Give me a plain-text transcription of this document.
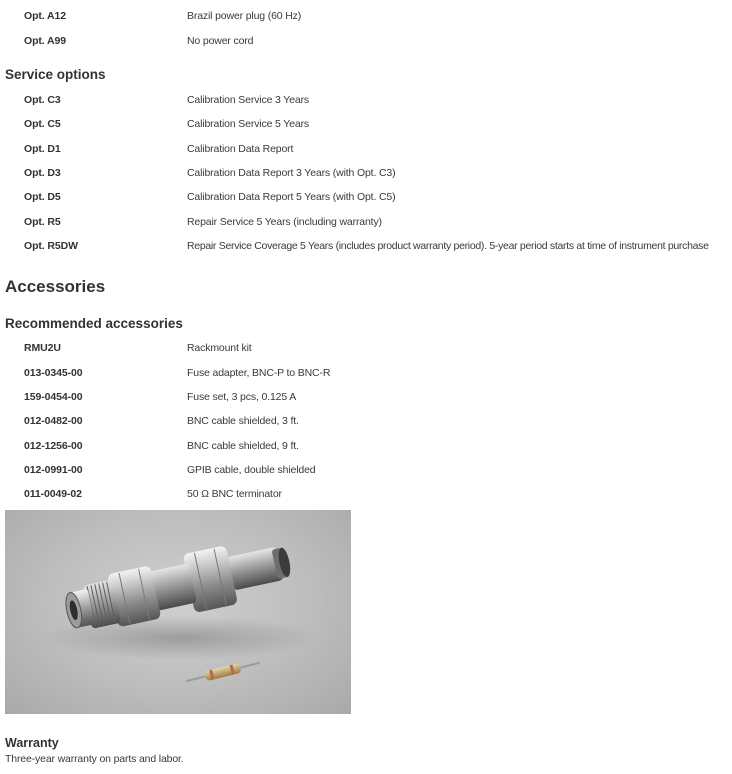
Opt. A12	Brazil power plug (60 Hz)
Opt. A99	No power cord
Service options
Opt. C3	Calibration Service 3 Years
Opt. C5	Calibration Service 5 Years
Opt. D1	Calibration Data Report
Opt. D3	Calibration Data Report 3 Years (with Opt. C3)
Opt. D5	Calibration Data Report 5 Years (with Opt. C5)
Opt. R5	Repair Service 5 Years (including warranty)
Opt. R5DW	Repair Service Coverage 5 Years (includes product warranty period). 5-year period starts at time of instrument purchase
Accessories
Recommended accessories
RMU2U	Rackmount kit
013-0345-00	Fuse adapter, BNC-P to BNC-R
159-0454-00	Fuse set, 3 pcs, 0.125 A
012-0482-00	BNC cable shielded, 3 ft.
012-1256-00	BNC cable shielded, 9 ft.
012-0991-00	GPIB cable, double shielded
011-0049-02	50 Ω BNC terminator
Warranty
Three-year warranty on parts and labor.
